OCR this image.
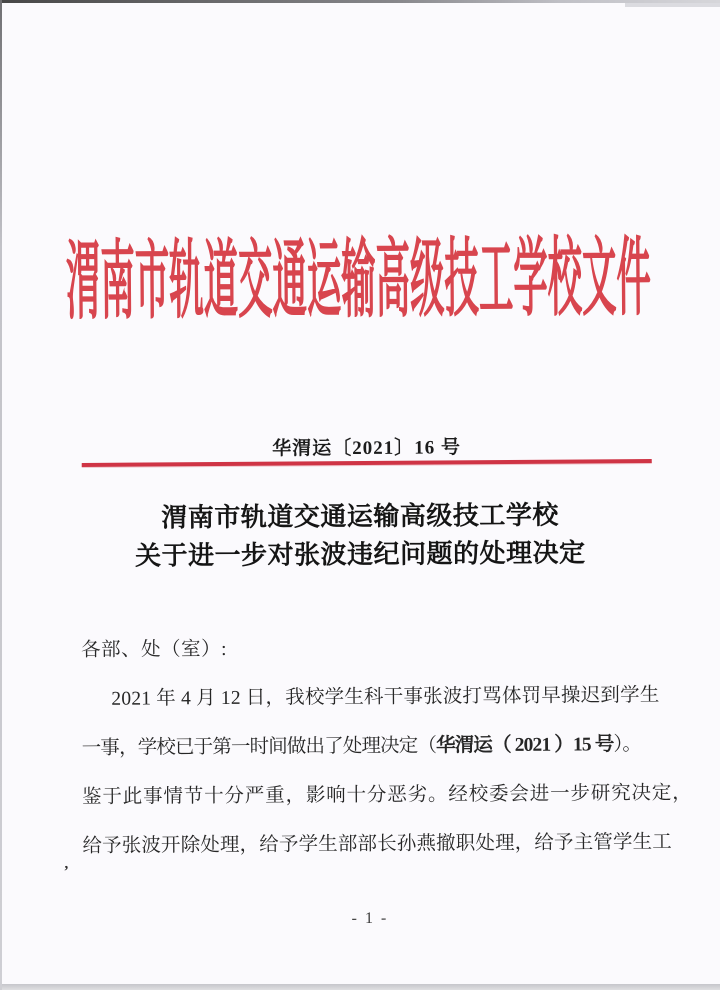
渭南市轨道交通运输高级技工学校文件
华渭运〔2021〕16 号
渭南市轨道交通运输高级技工学校
关于进一步对张波违纪问题的处理决定
各部、处（室）:
2021 年 4 月 12 日，我校学生科干事张波打骂体罚早操迟到学生
一事，学校已于第一时间做出了处理决定（华渭运（ 2021 ）15 号）。
鉴于此事情节十分严重，影响十分恶劣。经校委会进一步研究决定，
给予张波开除处理，给予学生部部长孙燕撤职处理，给予主管学生工
,
- 1 -
